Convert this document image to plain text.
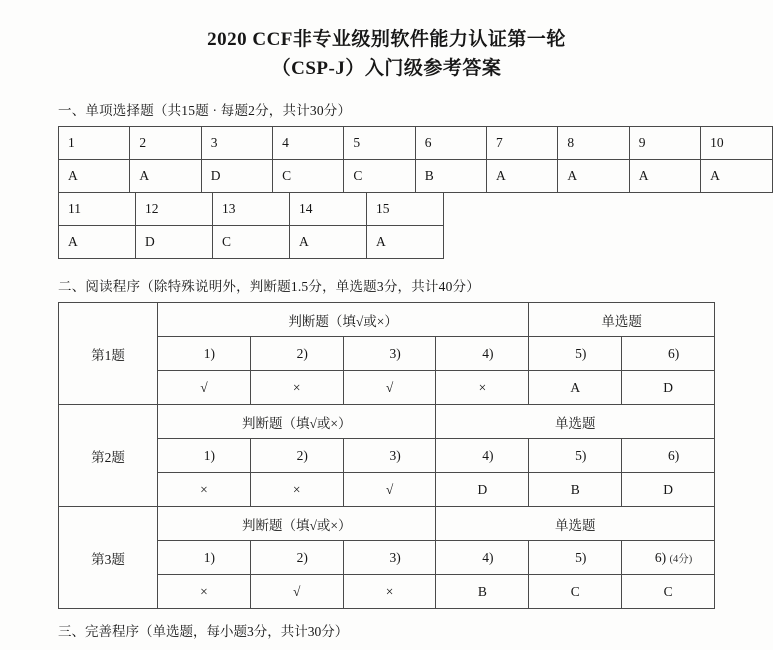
2020 CCF非专业级别软件能力认证第一轮
（CSP-J）入门级参考答案
一、单项选择题（共15题 · 每题2分，共计30分）
1	2	3	4	5	6	7	8	9	10
A	A	D	C	C	B	A	A	A	A
11	12	13	14	15
A	D	C	A	A
二、阅读程序（除特殊说明外，判断题1.5分，单选题3分，共计40分）
第1题	判断题（填√或×）				单选题	
	1)	2)	3)	4)	5)	6)
	√	×	√	×	A	D
第2题	判断题（填√或×）			单选题		
	1)	2)	3)	4)	5)	6)
	×	×	√	D	B	D
第3题	判断题（填√或×）			单选题		
	1)	2)	3)	4)	5)	6) (4分)
	×	√	×	B	C	C
三、完善程序（单选题，每小题3分，共计30分）
